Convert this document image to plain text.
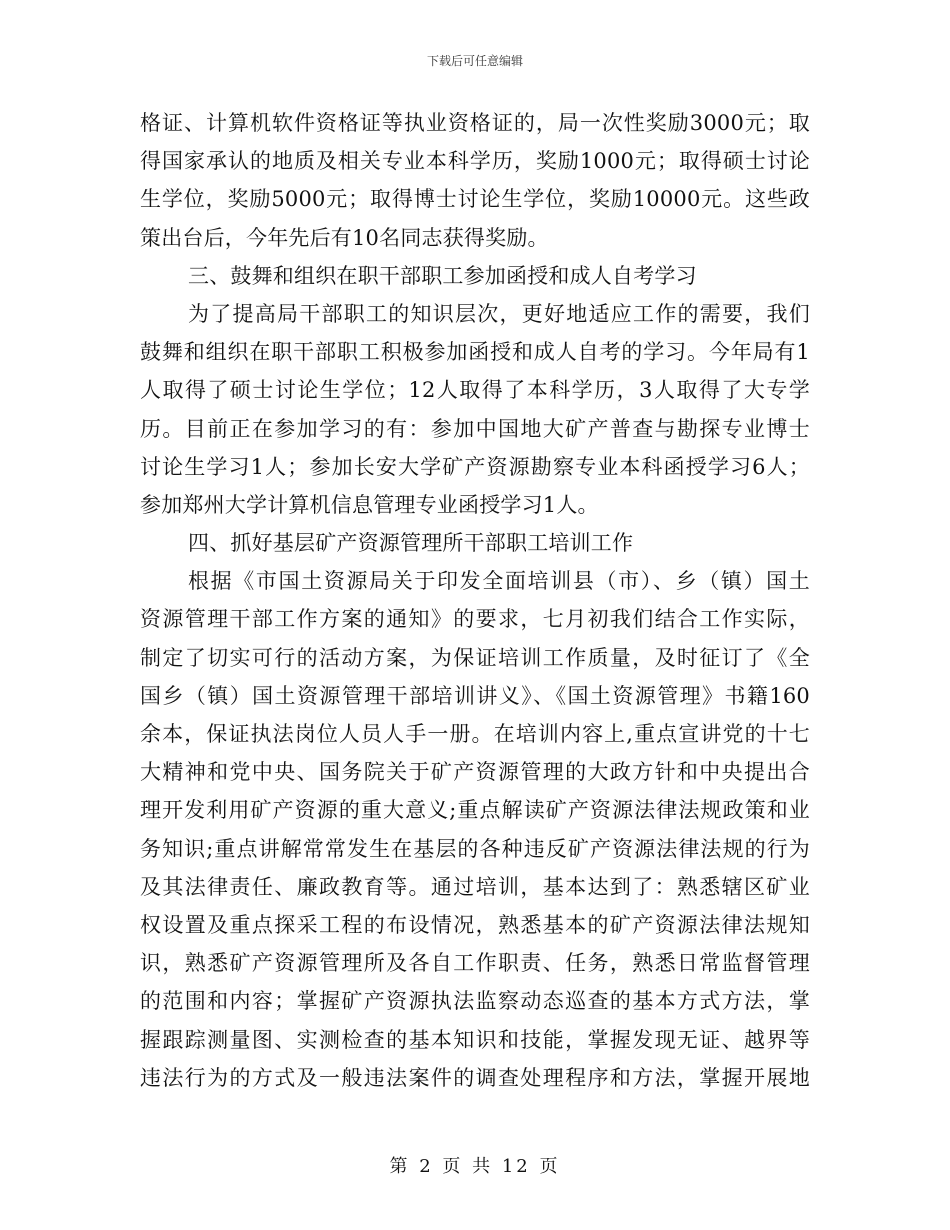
下载后可任意编辑
格证、计算机软件资格证等执业资格证的，局一次性奖励3000元；取
得国家承认的地质及相关专业本科学历，奖励1000元；取得硕士讨论
生学位，奖励5000元；取得博士讨论生学位，奖励10000元。这些政
策出台后，今年先后有10名同志获得奖励。
三、鼓舞和组织在职干部职工参加函授和成人自考学习
为了提高局干部职工的知识层次，更好地适应工作的需要，我们
鼓舞和组织在职干部职工积极参加函授和成人自考的学习。今年局有1
人取得了硕士讨论生学位；12人取得了本科学历，3人取得了大专学
历。目前正在参加学习的有：参加中国地大矿产普查与勘探专业博士
讨论生学习1人；参加长安大学矿产资源勘察专业本科函授学习6人；
参加郑州大学计算机信息管理专业函授学习1人。
四、抓好基层矿产资源管理所干部职工培训工作
根据《市国土资源局关于印发全面培训县（市）、乡（镇）国土
资源管理干部工作方案的通知》的要求，七月初我们结合工作实际，
制定了切实可行的活动方案，为保证培训工作质量，及时征订了《全
国乡（镇）国土资源管理干部培训讲义》、《国土资源管理》书籍160
余本，保证执法岗位人员人手一册。在培训内容上,重点宣讲党的十七
大精神和党中央、国务院关于矿产资源管理的大政方针和中央提出合
理开发利用矿产资源的重大意义;重点解读矿产资源法律法规政策和业
务知识;重点讲解常常发生在基层的各种违反矿产资源法律法规的行为
及其法律责任、廉政教育等。通过培训，基本达到了：熟悉辖区矿业
权设置及重点探采工程的布设情况，熟悉基本的矿产资源法律法规知
识，熟悉矿产资源管理所及各自工作职责、任务，熟悉日常监督管理
的范围和内容；掌握矿产资源执法监察动态巡查的基本方式方法，掌
握跟踪测量图、实测检查的基本知识和技能，掌握发现无证、越界等
违法行为的方式及一般违法案件的调查处理程序和方法，掌握开展地
第 2 页 共 12 页
